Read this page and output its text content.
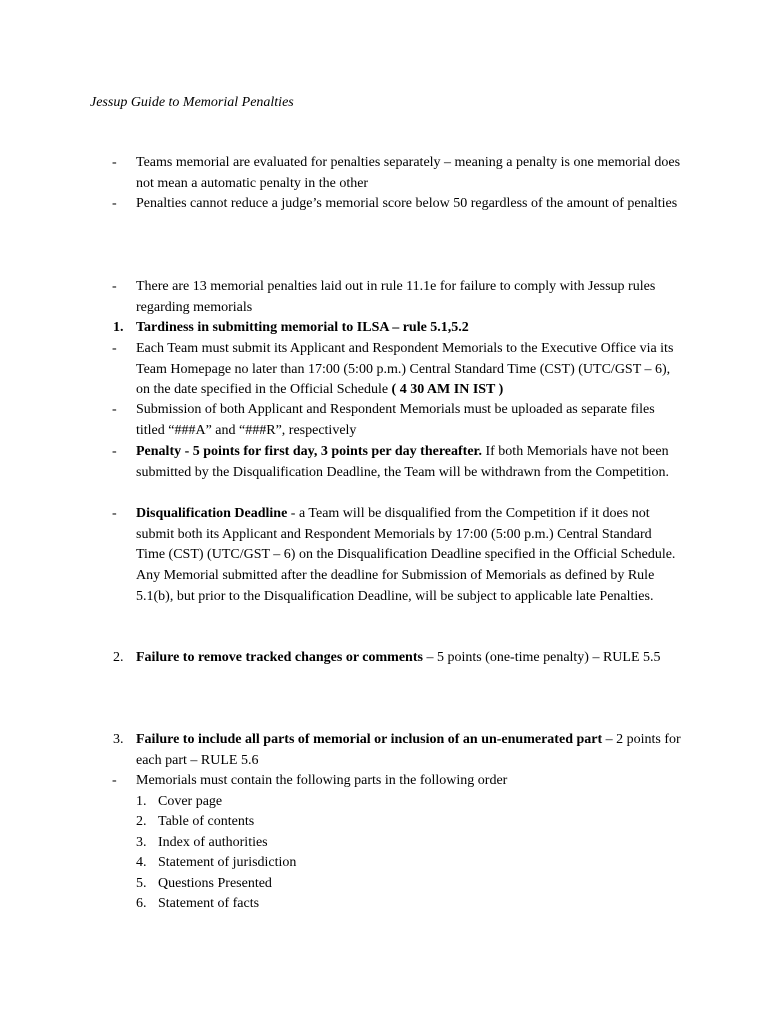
Jessup Guide to Memorial Penalties
-	Teams memorial are evaluated for penalties separately – meaning a penalty is one memorial does not mean a automatic penalty in the other
-	Penalties cannot reduce a judge’s memorial score below 50 regardless of the amount of penalties
-	There are 13 memorial penalties laid out in rule 11.1e for failure to comply with Jessup rules regarding memorials
1. Tardiness in submitting memorial to ILSA – rule 5.1,5.2
-	Each Team must submit its Applicant and Respondent Memorials to the Executive Office via its Team Homepage no later than 17:00 (5:00 p.m.) Central Standard Time (CST) (UTC/GST – 6), on the date specified in the Official Schedule ( 4 30 AM IN IST )
-	Submission of both Applicant and Respondent Memorials must be uploaded as separate files titled “###A” and “###R”, respectively
-	Penalty - 5 points for first day, 3 points per day thereafter. If both Memorials have not been submitted by the Disqualification Deadline, the Team will be withdrawn from the Competition.
-	Disqualification Deadline - a Team will be disqualified from the Competition if it does not submit both its Applicant and Respondent Memorials by 17:00 (5:00 p.m.) Central Standard Time (CST) (UTC/GST – 6) on the Disqualification Deadline specified in the Official Schedule. Any Memorial submitted after the deadline for Submission of Memorials as defined by Rule 5.1(b), but prior to the Disqualification Deadline, will be subject to applicable late Penalties.
2. Failure to remove tracked changes or comments – 5 points (one-time penalty) – RULE 5.5
3. Failure to include all parts of memorial or inclusion of an un-enumerated part – 2 points for each part – RULE 5.6
-	Memorials must contain the following parts in the following order
1. Cover page
2. Table of contents
3. Index of authorities
4. Statement of jurisdiction
5. Questions Presented
6. Statement of facts
